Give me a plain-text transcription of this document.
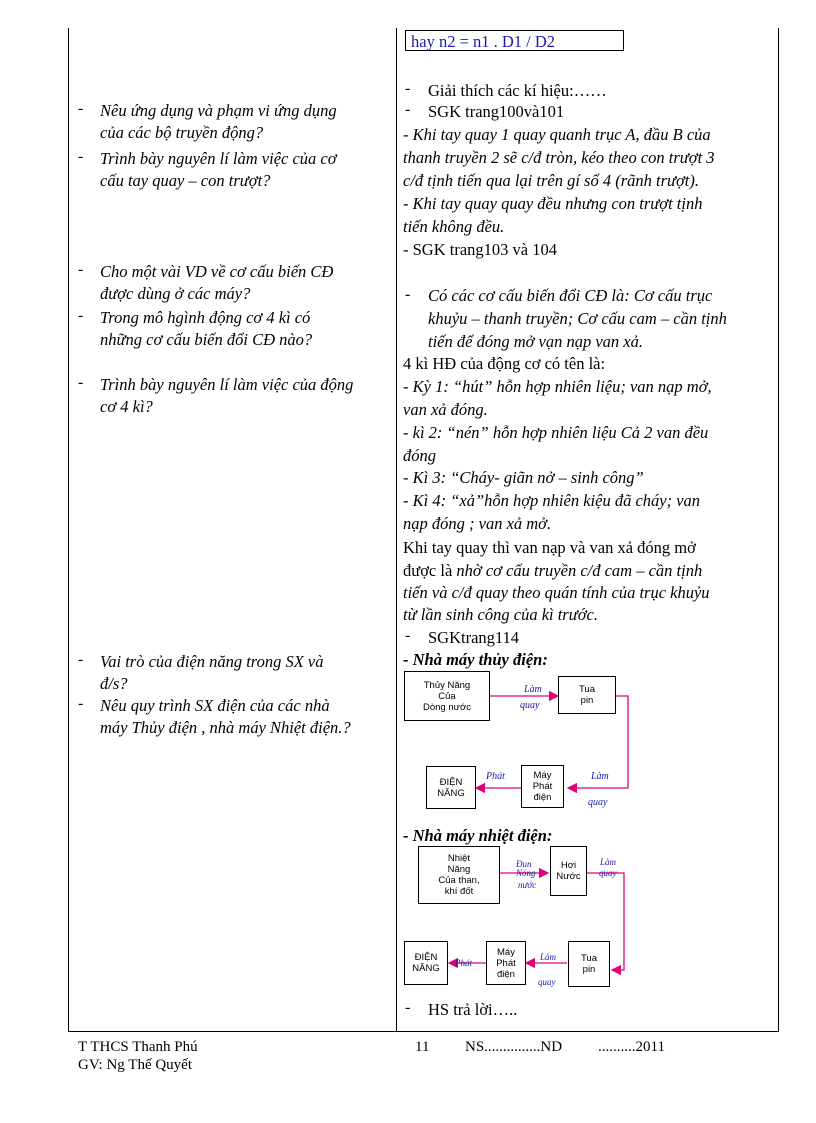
hay n2 = n1 . D1 / D2
- Nêu ứng dụng và phạm vi ứng dụng
của các bộ truyền động?
- Trình bày nguyên lí làm việc của cơ
cấu tay quay – con trượt?
- Cho một vài VD về cơ cấu biến CĐ
được dùng ở các máy?
- Trong mô hgình động cơ 4 kì có
những cơ cấu biến đổi CĐ nào?
- Trình bày nguyên lí làm việc của động
cơ 4 kì?
- Vai trò của điện năng trong SX và
đ/s?
- Nêu quy trình SX điện của các nhà
máy Thủy điện , nhà máy Nhiệt điện.?
- Giải thích các kí hiệu:……
- SGK trang100và101
- Khi tay quay 1 quay quanh trục A, đầu B của
thanh truyền 2 sẽ c/đ tròn, kéo theo con trượt 3
c/đ tịnh tiến qua lại trên gí sổ 4 (rãnh trượt).
- Khi tay quay quay đều nhưng con trượt tịnh
tiến không đều.
- SGK trang103 và 104
- Có các cơ cấu biến đổi CĐ là: Cơ cấu trục
khuỷu – thanh truyền; Cơ cấu cam – cần tịnh
tiến để đóng mở vạn nạp van xả.
4 kì HĐ của động cơ có tên là:
- Kỳ 1: “hút” hỗn hợp nhiên liệu; van nạp mở,
van xả đóng.
- kì 2: “nén” hỗn hợp nhiên liệu Cả 2 van đều
đóng
- Kì 3: “Cháy- giãn nở – sinh công”
- Kì 4: “xả”hỗn hợp nhiên kiệu đã cháy; van
nạp đóng ; van xả mở.
Khi tay quay thì van nạp và van xả đóng mở
được là nhờ cơ cấu truyền c/đ cam – cần tịnh
tiến và c/đ quay theo quán tính của trục khuỷu
từ lần sinh công của kì trước.
- SGKtrang114
- Nhà máy thủy điện:
- Nhà máy nhiệt điện:
- HS trả lời…..
Thủy Năng
Của
Dòng nước
Tua
pin
ĐIỆN
NĂNG
Máy
Phát
điện
Làm
quay
Phát	Làm
quay
Nhiệt
Năng
Của than,
khí đốt
Hơi
Nước
ĐIỆN
NĂNG
Máy
Phát
điện
Tua
pin
Đun
Nóng
nước
Làm
quay
Phát
Làm
quay
T THCS Thanh Phú
GV: Ng Thế Quyết
11 NS...............ND ..........2011
